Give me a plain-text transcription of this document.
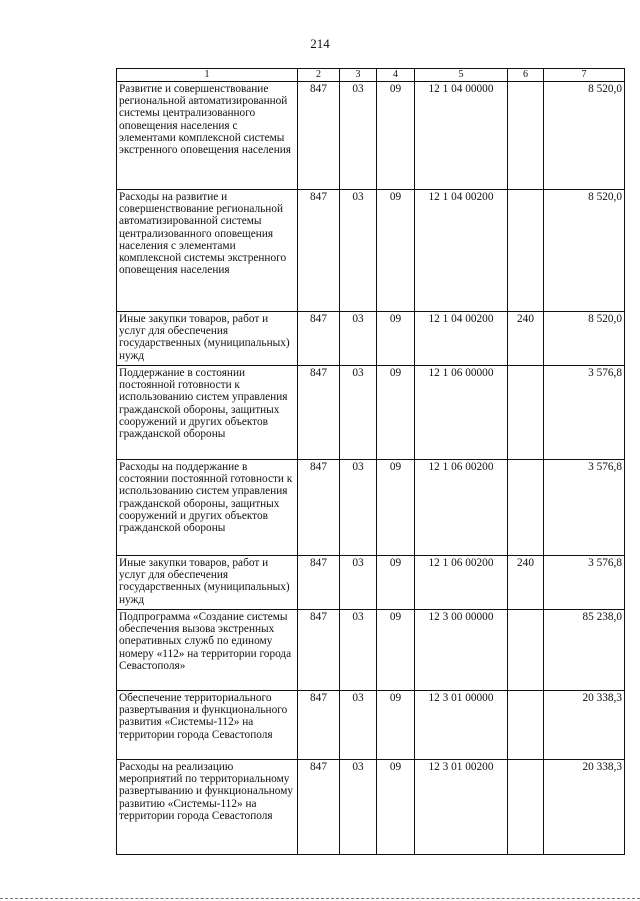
214
1	2	3	4	5	6	7
Развитие и совершенствование региональной автоматизированной системы централизованного оповещения населения с элементами комплексной системы экстренного оповещения населения	847	03	09	12 1 04 00000		8 520,0
Расходы на развитие и совершенствование региональной автоматизированной системы централизованного оповещения населения с элементами комплексной системы экстренного оповещения населения	847	03	09	12 1 04 00200		8 520,0
Иные закупки товаров, работ и услуг для обеспечения государственных (муниципальных) нужд	847	03	09	12 1 04 00200	240	8 520,0
Поддержание в состоянии постоянной готовности к использованию систем управления гражданской обороны, защитных сооружений и других объектов гражданской обороны	847	03	09	12 1 06 00000		3 576,8
Расходы на поддержание в состоянии постоянной готовности к использованию систем управления гражданской обороны, защитных сооружений и других объектов гражданской обороны	847	03	09	12 1 06 00200		3 576,8
Иные закупки товаров, работ и услуг для обеспечения государственных (муниципальных) нужд	847	03	09	12 1 06 00200	240	3 576,8
Подпрограмма «Создание системы обеспечения вызова экстренных оперативных служб по единому номеру «112» на территории города Севастополя»	847	03	09	12 3 00 00000		85 238,0
Обеспечение территориального развертывания и функционального развития «Системы-112» на территории города Севастополя	847	03	09	12 3 01 00000		20 338,3
Расходы на реализацию мероприятий по территориальному развертыванию и функциональному развитию «Системы-112» на территории города Севастополя	847	03	09	12 3 01 00200		20 338,3
